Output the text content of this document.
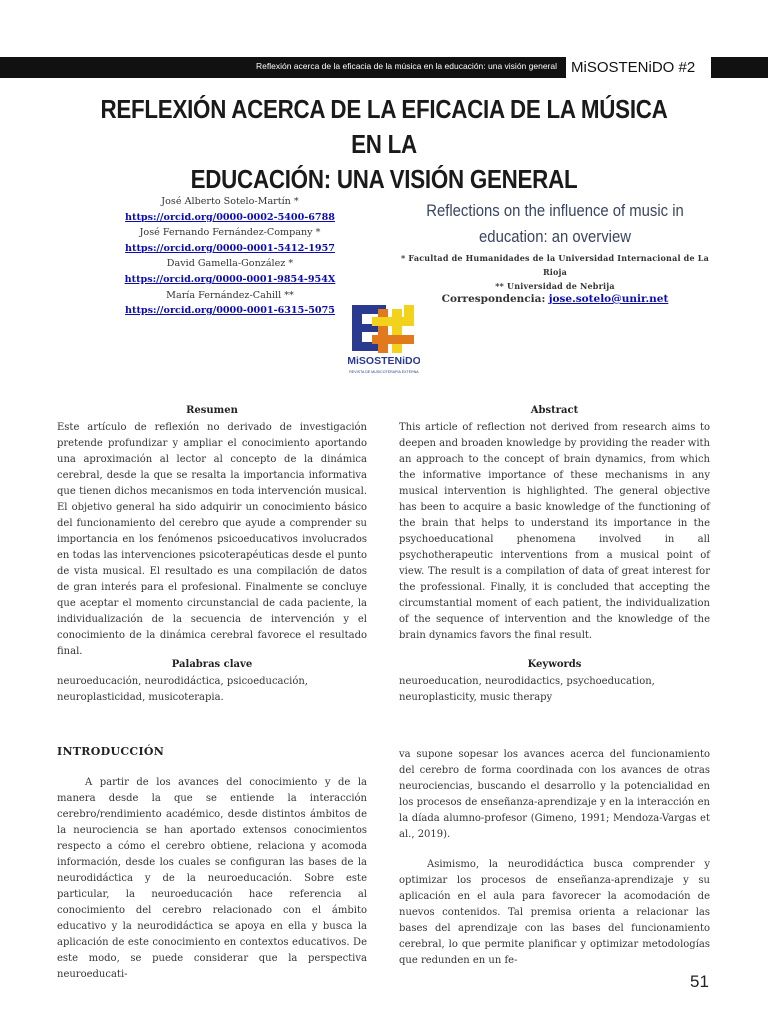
Reflexión acerca de la eficacia de la música en la educación: una visión general MiSOSTENiDO #2
REFLEXIÓN ACERCA DE LA EFICACIA DE LA MÚSICA EN LA
EDUCACIÓN: UNA VISIÓN GENERAL
José Alberto Sotelo-Martín *
https://orcid.org/0000-0002-5400-6788
José Fernando Fernández-Company *
https://orcid.org/0000-0001-5412-1957
David Gamella-González *
https://orcid.org/0000-0001-9854-954X
María Fernández-Cahill **
https://orcid.org/0000-0001-6315-5075
Reflections on the influence of music in
education: an overview
* Facultad de Humanidades de la Universidad Internacional de La
Rioja
** Universidad de Nebrija
Correspondencia: jose.sotelo@unir.net
MiSOSTENiDO
REVISTA DE MUSICOTERAPIA EXTERNA
Resumen
Este artículo de reflexión no derivado de investigación pretende profundizar y ampliar el conocimiento aportando una aproximación al lector al concepto de la dinámica cerebral, desde la que se resalta la importancia informativa que tienen dichos mecanismos en toda intervención musical. El objetivo general ha sido adquirir un conocimiento básico del funcionamiento del cerebro que ayude a comprender su importancia en los fenómenos psicoeducativos involucrados en todas las intervenciones psicoterapéuticas desde el punto de vista musical. El resultado es una compilación de datos de gran interés para el profesional. Finalmente se concluye que aceptar el momento circunstancial de cada paciente, la individualización de la secuencia de intervención y el conocimiento de la dinámica cerebral favorece el resultado final.
Abstract
This article of reflection not derived from research aims to deepen and broaden knowledge by providing the reader with an approach to the concept of brain dynamics, from which the informative importance of these mechanisms in any musical intervention is highlighted. The general objective has been to acquire a basic knowledge of the functioning of the brain that helps to understand its importance in the psychoeducational phenomena involved in all psychotherapeutic interventions from a musical point of view. The result is a compilation of data of great interest for the professional. Finally, it is concluded that accepting the circumstantial moment of each patient, the individualization of the sequence of intervention and the knowledge of the brain dynamics favors the final result.
Palabras clave
neuroeducación, neurodidáctica, psicoeducación, neuroplasticidad, musicoterapia.
Keywords
neuroeducation, neurodidactics, psychoeducation, neuroplasticity, music therapy
INTRODUCCIÓN
A partir de los avances del conocimiento y de la manera desde la que se entiende la interacción cerebro/rendimiento académico, desde distintos ámbitos de la neurociencia se han aportado extensos conocimientos respecto a cómo el cerebro obtiene, relaciona y acomoda información, desde los cuales se configuran las bases de la neurodidáctica y de la neuroeducación. Sobre este particular, la neuroeducación hace referencia al conocimiento del cerebro relacionado con el ámbito educativo y la neurodidáctica se apoya en ella y busca la aplicación de este conocimiento en contextos educativos. De este modo, se puede considerar que la perspectiva neuroeducati-
va supone sopesar los avances acerca del funcionamiento del cerebro de forma coordinada con los avances de otras neurociencias, buscando el desarrollo y la potencialidad en los procesos de enseñanza-aprendizaje y en la interacción en la díada alumno-profesor (Gimeno, 1991; Mendoza-Vargas et al., 2019).
Asimismo, la neurodidáctica busca comprender y optimizar los procesos de enseñanza-aprendizaje y su aplicación en el aula para favorecer la acomodación de nuevos contenidos. Tal premisa orienta a relacionar las bases del aprendizaje con las bases del funcionamiento cerebral, lo que permite planificar y optimizar metodologías que redunden en un fe-
51
